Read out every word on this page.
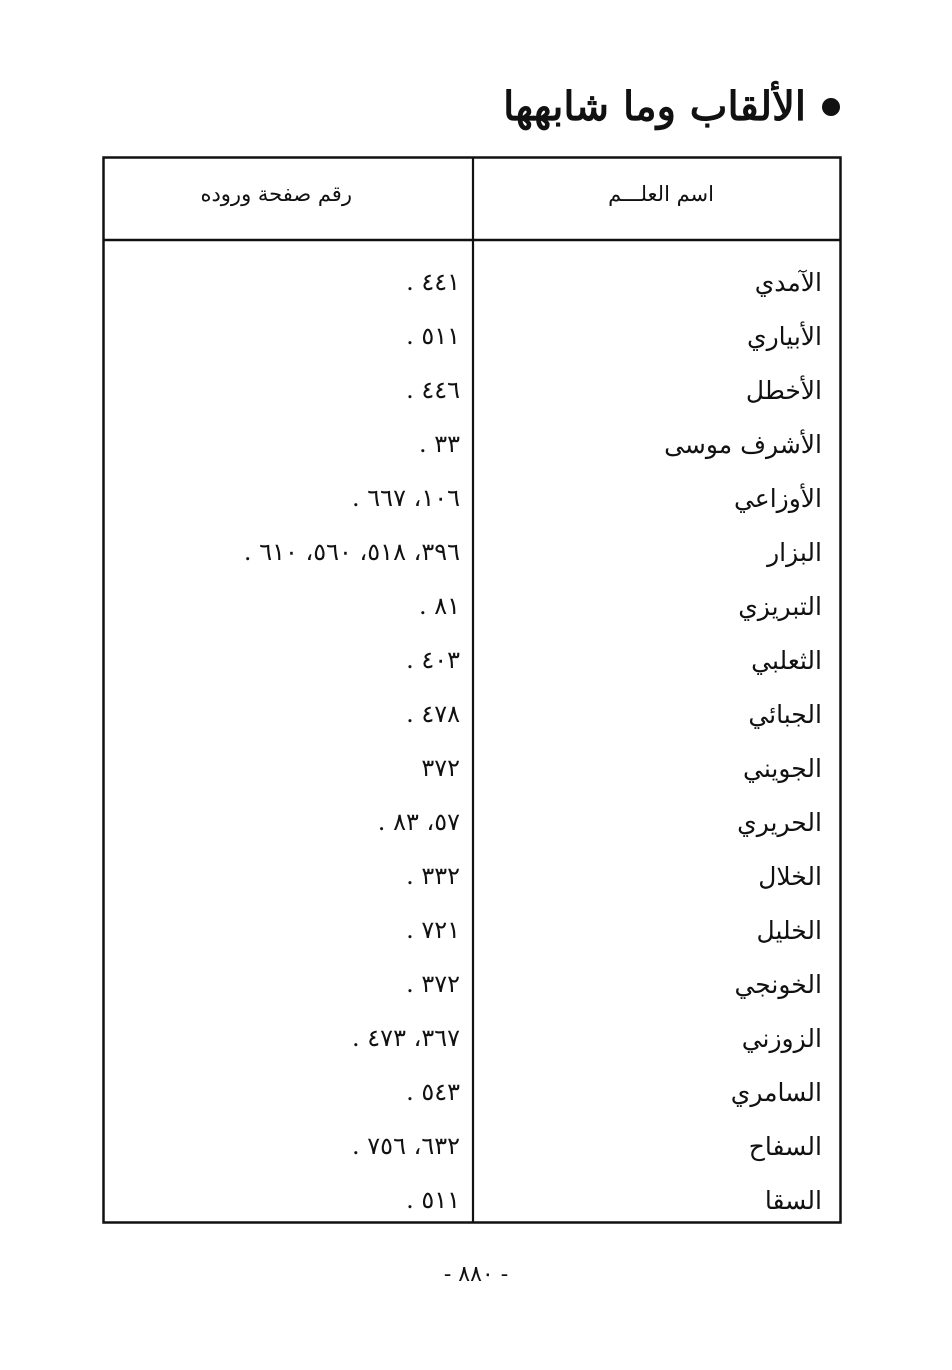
الألقاب وما شابهها
اسم العلـــم
رقم صفحة وروده
الآمدي
٤٤١ .
الأبياري
٥١١ .
الأخطل
٤٤٦ .
الأشرف موسى
٣٣ .
الأوزاعي
١٠٦، ٦٦٧ .
البزار
٣٩٦، ٥١٨، ٥٦٠، ٦١٠ .
التبريزي
٨١ .
الثعلبي
٤٠٣ .
الجبائي
٤٧٨ .
الجويني
٣٧٢
الحريري
٥٧، ٨٣ .
الخلال
٣٣٢ .
الخليل
٧٢١ .
الخونجي
٣٧٢ .
الزوزني
٣٦٧، ٤٧٣ .
السامري
٥٤٣ .
السفاح
٦٣٢، ٧٥٦ .
السقا
٥١١ .
- ٨٨٠ -
